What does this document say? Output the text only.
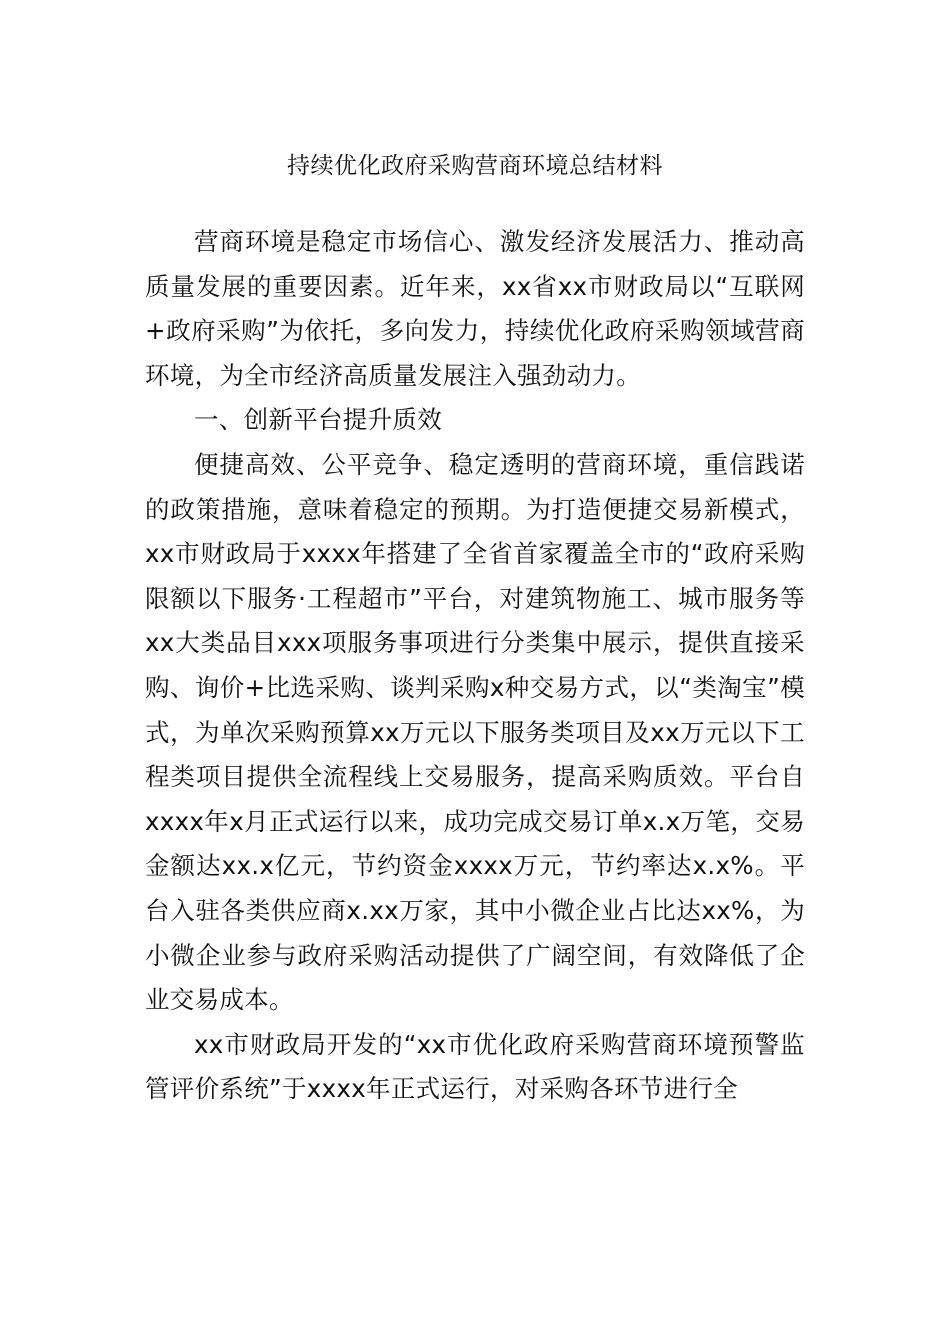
持续优化政府采购营商环境总结材料

营商环境是稳定市场信心、激发经济发展活力、推动高质量发展的重要因素。近年来，xx省xx市财政局以“互联网+政府采购”为依托，多向发力，持续优化政府采购领域营商环境，为全市经济高质量发展注入强劲动力。

一、创新平台提升质效

便捷高效、公平竞争、稳定透明的营商环境，重信践诺的政策措施，意味着稳定的预期。为打造便捷交易新模式，xx市财政局于xxxx年搭建了全省首家覆盖全市的“政府采购限额以下服务·工程超市”平台，对建筑物施工、城市服务等xx大类品目xxx项服务事项进行分类集中展示，提供直接采购、询价+比选采购、谈判采购x种交易方式，以“类淘宝”模式，为单次采购预算xx万元以下服务类项目及xx万元以下工程类项目提供全流程线上交易服务，提高采购质效。平台自xxxx年x月正式运行以来，成功完成交易订单x.x万笔，交易金额达xx.x亿元，节约资金xxxx万元，节约率达x.x%。平台入驻各类供应商x.xx万家，其中小微企业占比达xx%，为小微企业参与政府采购活动提供了广阔空间，有效降低了企业交易成本。

xx市财政局开发的“xx市优化政府采购营商环境预警监管评价系统”于xxxx年正式运行，对采购各环节进行全
